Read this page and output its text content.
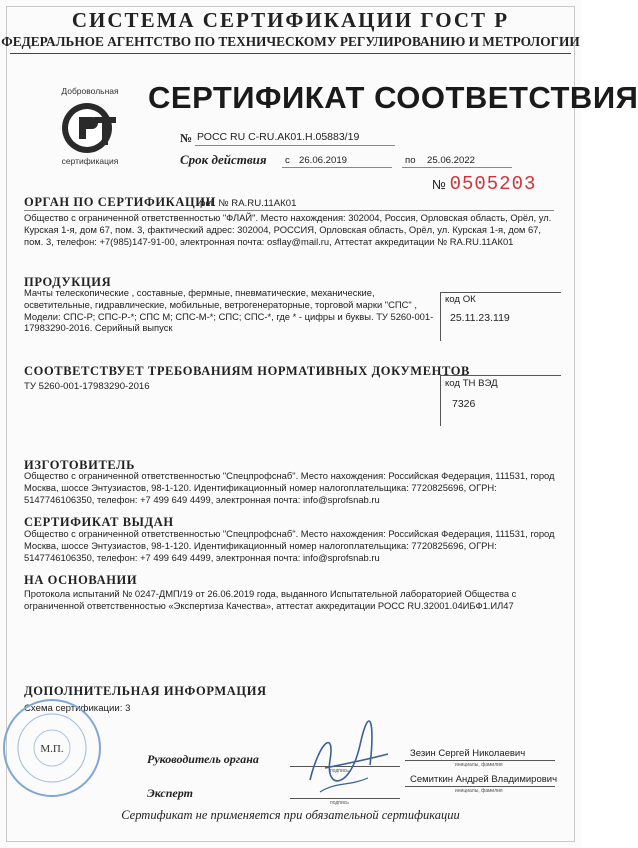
СИСТЕМА СЕРТИФИКАЦИИ ГОСТ Р
ФЕДЕРАЛЬНОЕ АГЕНТСТВО ПО ТЕХНИЧЕСКОМУ РЕГУЛИРОВАНИЮ И МЕТРОЛОГИИ
Добровольная
сертификация
СЕРТИФИКАТ СООТВЕТСТВИЯ
№ РОСС RU С-RU.АК01.Н.05883/19
Срок действия с 26.06.2019	по 25.06.2022
№ 0505203
ОРГАН ПО СЕРТИФИКАЦИИ
рег. № RA.RU.11АК01
Общество с ограниченной ответственностью "ФЛАЙ". Место нахождения: 302004, Россия, Орловская область, Орёл, ул.
Курская 1-я, дом 67, пом. 3, фактический адрес: 302004, РОССИЯ, Орловская область, Орёл, ул. Курская 1-я, дом 67,
пом. 3, телефон: +7(985)147-91-00, электронная почта: osflay@mail.ru, Аттестат аккредитации № RA.RU.11АК01
ПРОДУКЦИЯ
Мачты телескопические , составные, фермные, пневматические, механические,
осветительные, гидравлические, мобильные, ветрогенераторные, торговой марки "СПС" ,
Модели: СПС-Р; СПС-Р-*; СПС М; СПС-М-*; СПС; СПС-*, где * - цифры и буквы. ТУ 5260-001-
17983290-2016. Серийный выпуск
код ОК
25.11.23.119
СООТВЕТСТВУЕТ ТРЕБОВАНИЯМ НОРМАТИВНЫХ ДОКУМЕНТОВ
ТУ 5260-001-17983290-2016	код ТН ВЭД
7326
ИЗГОТОВИТЕЛЬ
Общество с ограниченной ответственностью "Спецпрофснаб". Место нахождения: Российская Федерация, 111531, город
Москва, шоссе Энтузиастов, 98-1-120. Идентификационный номер налогоплательщика: 7720825696, ОГРН:
5147746106350, телефон: +7 499 649 4499, электронная почта: info@sprofsnab.ru
СЕРТИФИКАТ ВЫДАН
Общество с ограниченной ответственностью "Спецпрофснаб". Место нахождения: Российская Федерация, 111531, город
Москва, шоссе Энтузиастов, 98-1-120. Идентификационный номер налогоплательщика: 7720825696, ОГРН:
5147746106350, телефон: +7 499 649 4499, электронная почта: info@sprofsnab.ru
НА ОСНОВАНИИ
Протокола испытаний № 0247-ДМП/19 от 26.06.2019 года, выданного Испытательной лабораторией Общества с
ограниченной ответственностью «Экспертиза Качества», аттестат аккредитации РОСС RU.32001.04ИБФ1.ИЛ47
ДОПОЛНИТЕЛЬНАЯ ИНФОРМАЦИЯ
Схема сертификации: 3
М.П.
Руководитель органа	Зезин Сергей Николаевич
подпись
инициалы, фамилия
Эксперт
Семиткин Андрей Владимирович
подпись
инициалы, фамилия
Сертификат не применяется при обязательной сертификации
